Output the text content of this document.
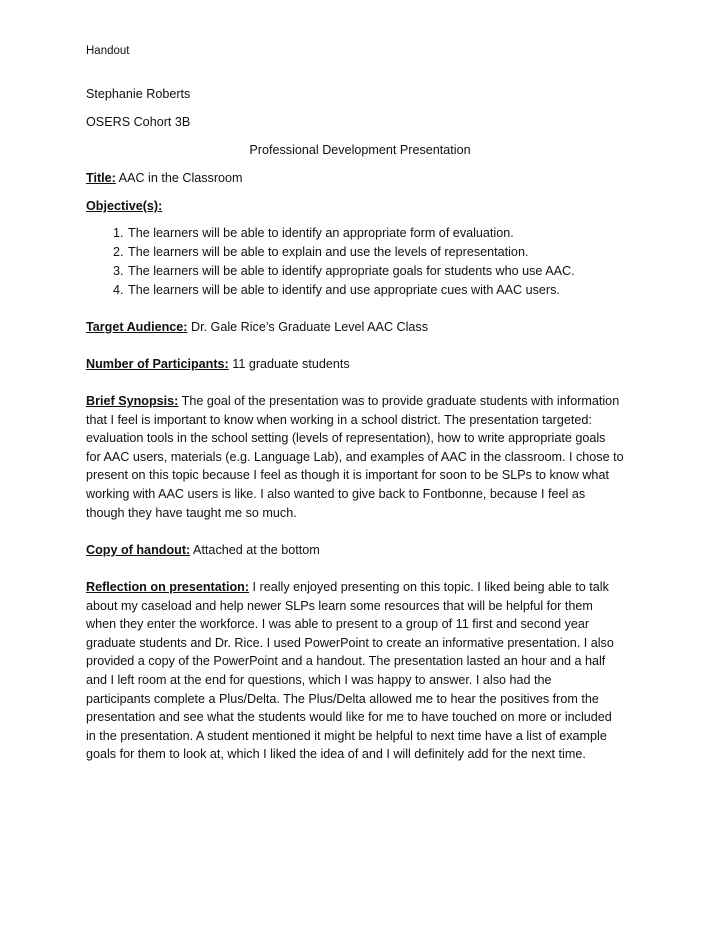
Handout
Stephanie Roberts
OSERS Cohort 3B
Professional Development Presentation
Title: AAC in the Classroom
Objective(s):
1. The learners will be able to identify an appropriate form of evaluation.
2. The learners will be able to explain and use the levels of representation.
3. The learners will be able to identify appropriate goals for students who use AAC.
4. The learners will be able to identify and use appropriate cues with AAC users.
Target Audience: Dr. Gale Rice’s Graduate Level AAC Class
Number of Participants: 11 graduate students
Brief Synopsis: The goal of the presentation was to provide graduate students with information
that I feel is important to know when working in a school district. The presentation targeted:
evaluation tools in the school setting (levels of representation), how to write appropriate goals
for AAC users, materials (e.g. Language Lab), and examples of AAC in the classroom. I chose to
present on this topic because I feel as though it is important for soon to be SLPs to know what
working with AAC users is like. I also wanted to give back to Fontbonne, because I feel as
though they have taught me so much.
Copy of handout: Attached at the bottom
Reflection on presentation: I really enjoyed presenting on this topic. I liked being able to talk
about my caseload and help newer SLPs learn some resources that will be helpful for them
when they enter the workforce. I was able to present to a group of 11 first and second year
graduate students and Dr. Rice. I used PowerPoint to create an informative presentation. I also
provided a copy of the PowerPoint and a handout. The presentation lasted an hour and a half
and I left room at the end for questions, which I was happy to answer. I also had the
participants complete a Plus/Delta. The Plus/Delta allowed me to hear the positives from the
presentation and see what the students would like for me to have touched on more or included
in the presentation. A student mentioned it might be helpful to next time have a list of example
goals for them to look at, which I liked the idea of and I will definitely add for the next time.
